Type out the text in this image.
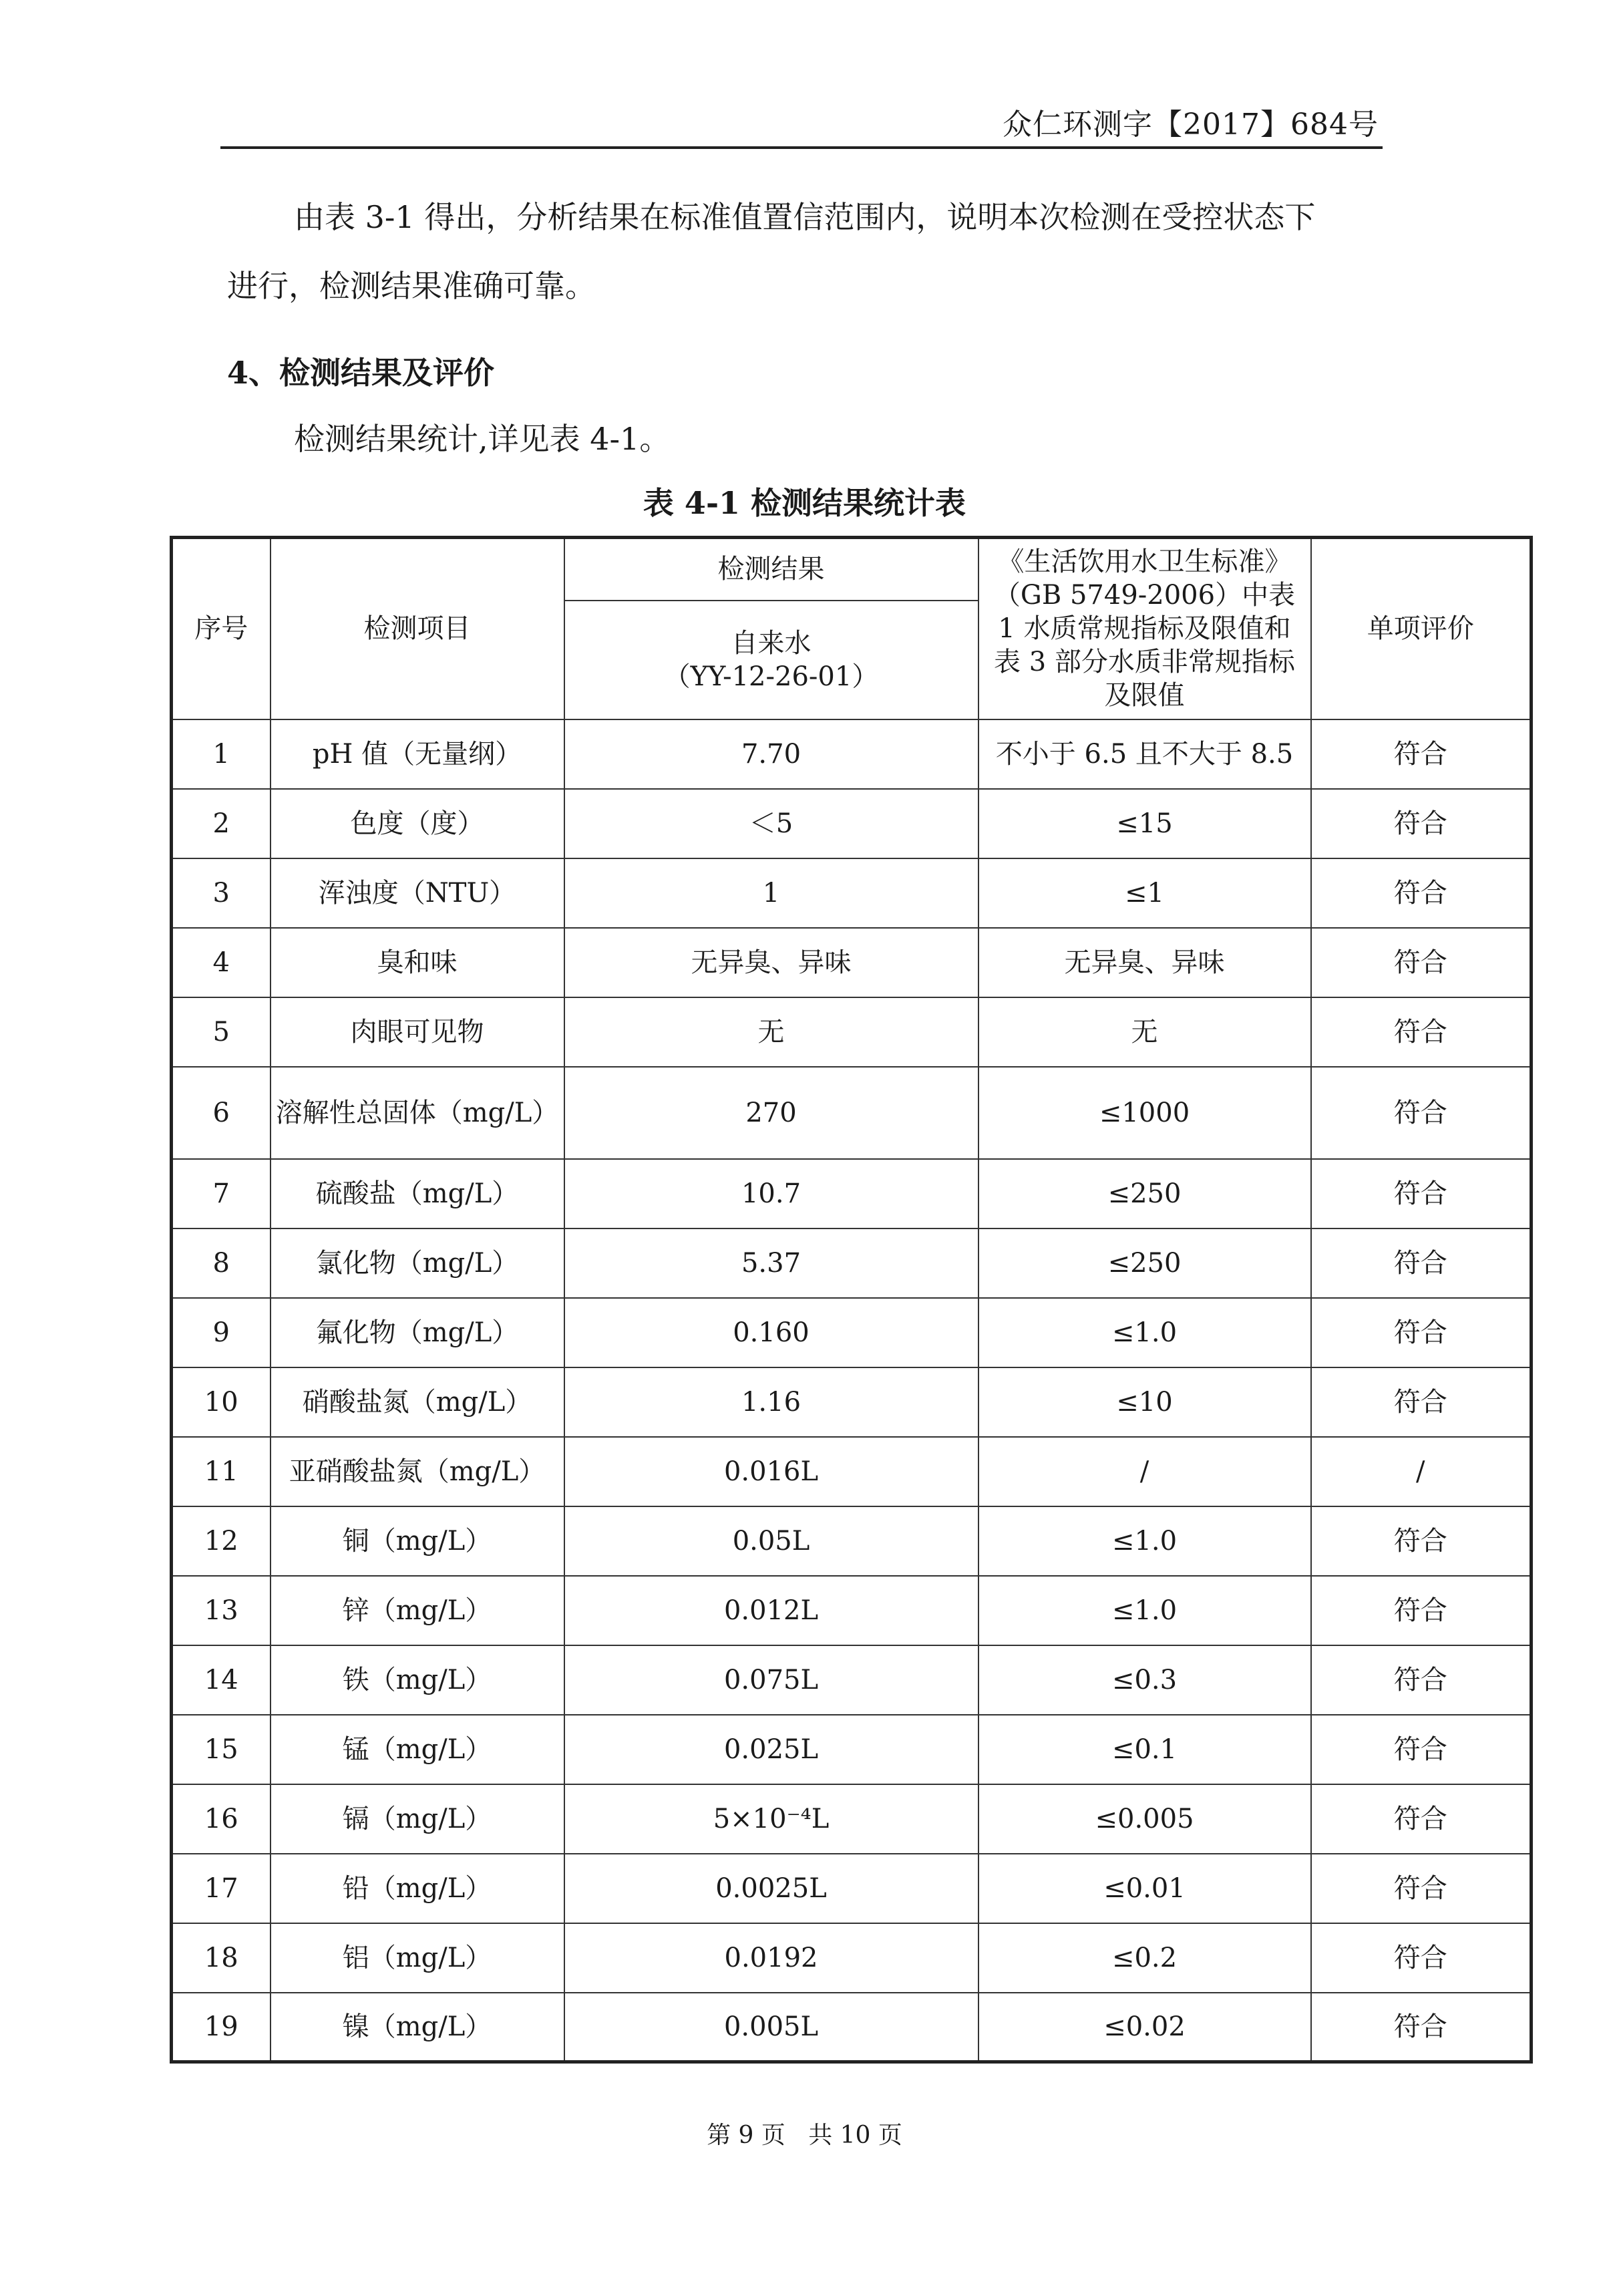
众仁环测字【2017】684号
由表 3-1 得出，分析结果在标准值置信范围内，说明本次检测在受控状态下
进行，检测结果准确可靠。
4、检测结果及评价
检测结果统计,详见表 4-1。
表 4-1 检测结果统计表
序号	检测项目	检测结果	《生活饮用水卫生标准》（GB 5749-2006）中表 1 水质常规指标及限值和表 3 部分水质非常规指标及限值	单项评价

		自来水
（YY-12-26-01）		

1	pH 值（无量纲）	7.70	不小于 6.5 且不大于 8.5	符合
2	色度（度）	＜5	≤15	符合
3	浑浊度（NTU）	1	≤1	符合
4	臭和味	无异臭、异味	无异臭、异味	符合
5	肉眼可见物	无	无	符合
6	溶解性总固体（mg/L）	270	≤1000	符合
7	硫酸盐（mg/L）	10.7	≤250	符合
8	氯化物（mg/L）	5.37	≤250	符合
9	氟化物（mg/L）	0.160	≤1.0	符合
10	硝酸盐氮（mg/L）	1.16	≤10	符合
11	亚硝酸盐氮（mg/L）	0.016L	/	/
12	铜（mg/L）	0.05L	≤1.0	符合
13	锌（mg/L）	0.012L	≤1.0	符合
14	铁（mg/L）	0.075L	≤0.3	符合
15	锰（mg/L）	0.025L	≤0.1	符合
16	镉（mg/L）	5×10⁻⁴L	≤0.005	符合
17	铅（mg/L）	0.0025L	≤0.01	符合
18	铝（mg/L）	0.0192	≤0.2	符合
19	镍（mg/L）	0.005L	≤0.02	符合
第 9 页   共 10 页
